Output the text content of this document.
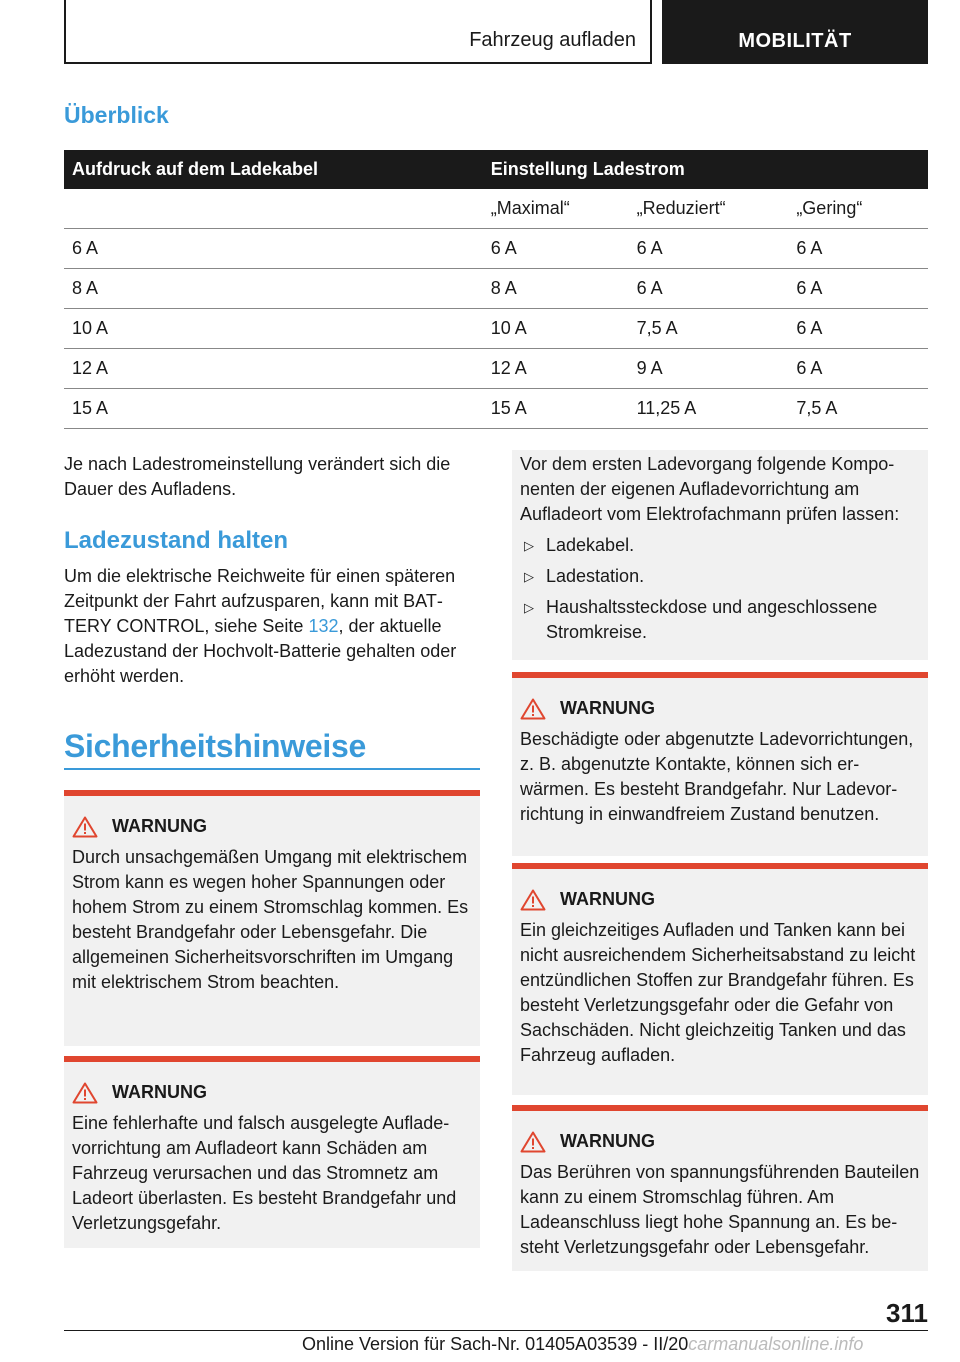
Fahrzeug aufladen	MOBILITÄT
Überblick
Aufdruck auf dem Ladekabel	Einstellung Ladestrom		
	„Maximal“	„Reduziert“	„Gering“
6 A	6 A	6 A	6 A
8 A	8 A	6 A	6 A
10 A	10 A	7,5 A	6 A
12 A	12 A	9 A	6 A
15 A	15 A	11,25 A	7,5 A

Je nach Ladestromeinstellung verändert sich die Dauer des Aufladens.

Ladezustand halten

Um die elektrische Reichweite für einen späteren Zeitpunkt der Fahrt aufzusparen, kann mit BATTERY CONTROL, siehe Seite 132, der aktuelle Ladezustand der Hochvolt-Batterie gehalten oder erhöht werden.

Sicherheitshinweise
WARNUNG
Durch unsachgemäßen Umgang mit elektrischem Strom kann es wegen hoher Spannungen oder hohem Strom zu einem Stromschlag kommen. Es besteht Brandgefahr oder Lebensgefahr. Die allgemeinen Sicherheitsvorschriften im Umgang mit elektrischem Strom beachten.
WARNUNG
Eine fehlerhafte und falsch ausgelegte Aufladevorrichtung am Aufladeort kann Schäden am Fahrzeug verursachen und das Stromnetz am Ladeort überlasten. Es besteht Brandgefahr und Verletzungsgefahr.
Vor dem ersten Ladevorgang folgende Komponenten der eigenen Aufladevorrichtung am Aufladeort vom Elektrofachmann prüfen lassen:
▷ Ladekabel.
▷ Ladestation.
▷ Haushaltssteckdose und angeschlossene Stromkreise.
WARNUNG
Beschädigte oder abgenutzte Ladevorrichtungen, z. B. abgenutzte Kontakte, können sich erwärmen. Es besteht Brandgefahr. Nur Ladevorrichtung in einwandfreiem Zustand benutzen.
WARNUNG
Ein gleichzeitiges Aufladen und Tanken kann bei nicht ausreichendem Sicherheitsabstand zu leicht entzündlichen Stoffen zur Brandgefahr führen. Es besteht Verletzungsgefahr oder die Gefahr von Sachschäden. Nicht gleichzeitig Tanken und das Fahrzeug aufladen.
WARNUNG
Das Berühren von spannungsführenden Bauteilen kann zu einem Stromschlag führen. Am Ladeanschluss liegt hohe Spannung an. Es besteht Verletzungsgefahr oder Lebensgefahr.
311
Online Version für Sach-Nr. 01405A03539 - II/20carmanualsonline.info
